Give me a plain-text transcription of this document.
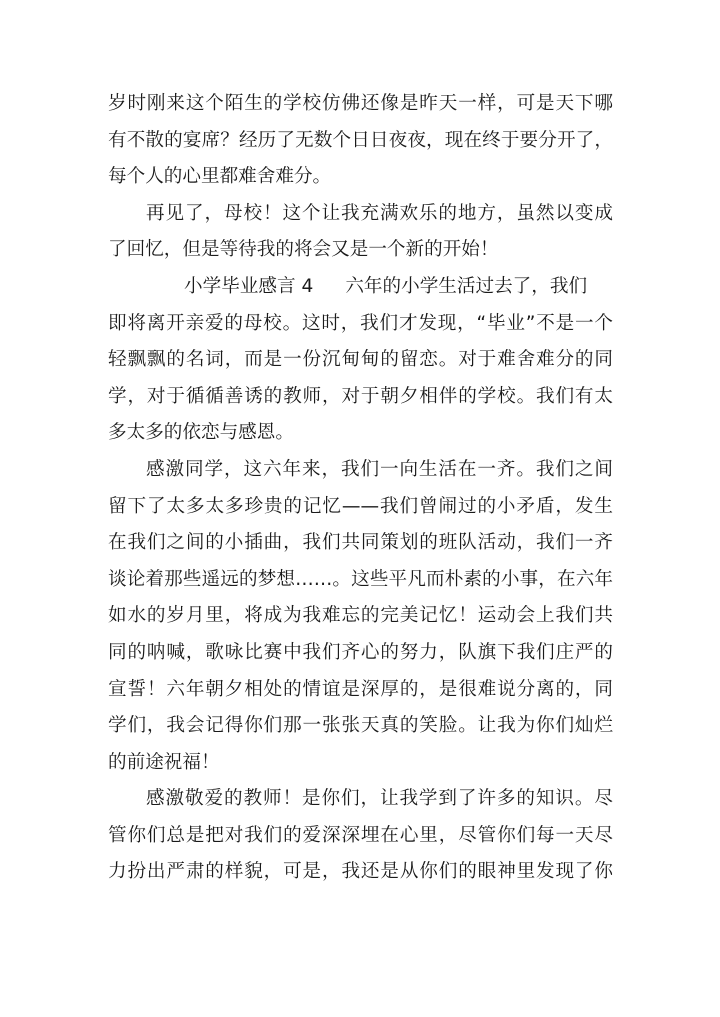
岁时刚来这个陌生的学校仿佛还像是昨天一样，可是天下哪
有不散的宴席？经历了无数个日日夜夜，现在终于要分开了，
每个人的心里都难舍难分。
再见了，母校！这个让我充满欢乐的地方，虽然以变成
了回忆，但是等待我的将会又是一个新的开始！
小学毕业感言 4 六年的小学生活过去了，我们
即将离开亲爱的母校。这时，我们才发现，“毕业”不是一个
轻飘飘的名词，而是一份沉甸甸的留恋。对于难舍难分的同
学，对于循循善诱的教师，对于朝夕相伴的学校。我们有太
多太多的依恋与感恩。
感激同学，这六年来，我们一向生活在一齐。我们之间
留下了太多太多珍贵的记忆——我们曾闹过的小矛盾，发生
在我们之间的小插曲，我们共同策划的班队活动，我们一齐
谈论着那些遥远的梦想……。这些平凡而朴素的小事，在六年
如水的岁月里，将成为我难忘的完美记忆！运动会上我们共
同的呐喊，歌咏比赛中我们齐心的努力，队旗下我们庄严的
宣誓！六年朝夕相处的情谊是深厚的，是很难说分离的，同
学们，我会记得你们那一张张天真的笑脸。让我为你们灿烂
的前途祝福！
感激敬爱的教师！是你们，让我学到了许多的知识。尽
管你们总是把对我们的爱深深埋在心里，尽管你们每一天尽
力扮出严肃的样貌，可是，我还是从你们的眼神里发现了你
